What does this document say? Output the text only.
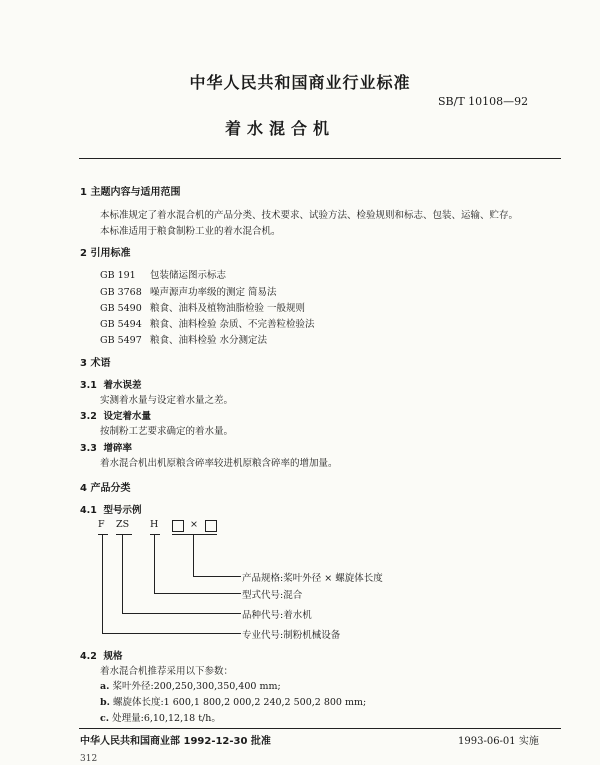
中华人民共和国商业行业标准
SB/T 10108—92
着水混合机
1 主题内容与适用范围
本标准规定了着水混合机的产品分类、技术要求、试验方法、检验规则和标志、包装、运输、贮存。
本标准适用于粮食制粉工业的着水混合机。
2 引用标准
GB 191 包装储运图示标志
GB 3768 噪声源声功率级的测定 简易法
GB 5490 粮食、油料及植物油脂检验 一般规则
GB 5494 粮食、油料检验 杂质、不完善粒检验法
GB 5497 粮食、油料检验 水分测定法
3 术语
3.1 着水误差
实测着水量与设定着水量之差。
3.2 设定着水量
按制粉工艺要求确定的着水量。
3.3 增碎率
着水混合机出机原粮含碎率较进机原粮含碎率的增加量。
4 产品分类
4.1 型号示例
F ZS H	×
产品规格:桨叶外径 × 螺旋体长度
型式代号:混合
品种代号:着水机
专业代号:制粉机械设备
4.2 规格
着水混合机推荐采用以下参数：
a. 桨叶外径:200,250,300,350,400 mm;
b. 螺旋体长度:1 600,1 800,2 000,2 240,2 500,2 800 mm;
c. 处理量:6,10,12,18 t/h。
中华人民共和国商业部 1992-12-30 批准	1993-06-01 实施
312
